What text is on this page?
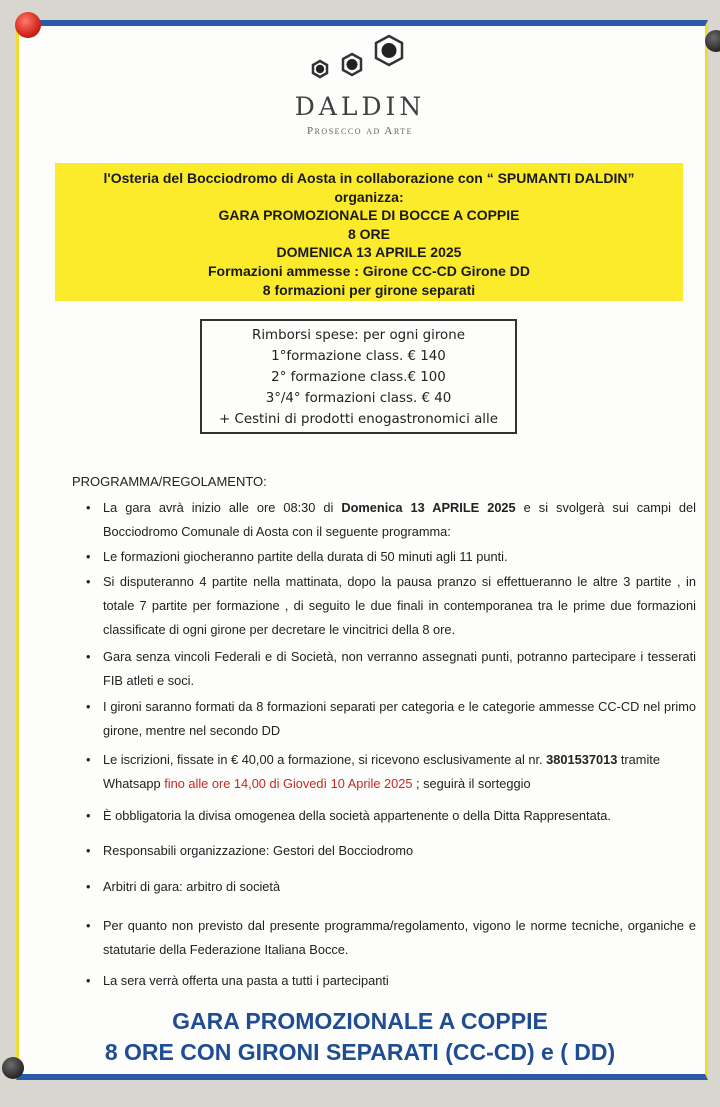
DALDIN
Prosecco ad Arte
l'Osteria del Bocciodromo di Aosta in collaborazione con “ SPUMANTI DALDIN”
organizza:
GARA PROMOZIONALE DI BOCCE A COPPIE
8 ORE
DOMENICA 13 APRILE 2025
Formazioni ammesse : Girone CC-CD Girone DD
8 formazioni per girone separati
Rimborsi spese: per ogni girone
1°formazione class. € 140
2° formazione class.€ 100
3°/4° formazioni class. € 40
+ Cestini di prodotti enogastronomici alle
PROGRAMMA/REGOLAMENTO:
• La gara avrà inizio alle ore 08:30 di Domenica 13 APRILE 2025 e si svolgerà sui campi del Bocciodromo Comunale di Aosta con il seguente programma:
• Le formazioni giocheranno partite della durata di 50 minuti agli 11 punti.
• Si disputeranno 4 partite nella mattinata, dopo la pausa pranzo si effettueranno le altre 3 partite , in totale 7 partite per formazione , di seguito le due finali in contemporanea tra le prime due formazioni classificate di ogni girone per decretare le vincitrici della 8 ore.
• Gara senza vincoli Federali e di Società, non verranno assegnati punti, potranno partecipare i tesserati FIB atleti e soci.
• I gironi saranno formati da 8 formazioni separati per categoria e le categorie ammesse CC-CD nel primo girone, mentre nel secondo DD
• Le iscrizioni, fissate in € 40,00 a formazione, si ricevono esclusivamente al nr. 3801537013 tramite Whatsapp fino alle ore 14,00 di Giovedì 10 Aprile 2025 ; seguirà il sorteggio
• È obbligatoria la divisa omogenea della società appartenente o della Ditta Rappresentata.
• Responsabili organizzazione: Gestori del Bocciodromo
• Arbitri di gara: arbitro di società
• Per quanto non previsto dal presente programma/regolamento, vigono le norme tecniche, organiche e statutarie della Federazione Italiana Bocce.
• La sera verrà offerta una pasta a tutti i partecipanti
GARA PROMOZIONALE A COPPIE
8 ORE CON GIRONI SEPARATI (CC-CD) e ( DD)
